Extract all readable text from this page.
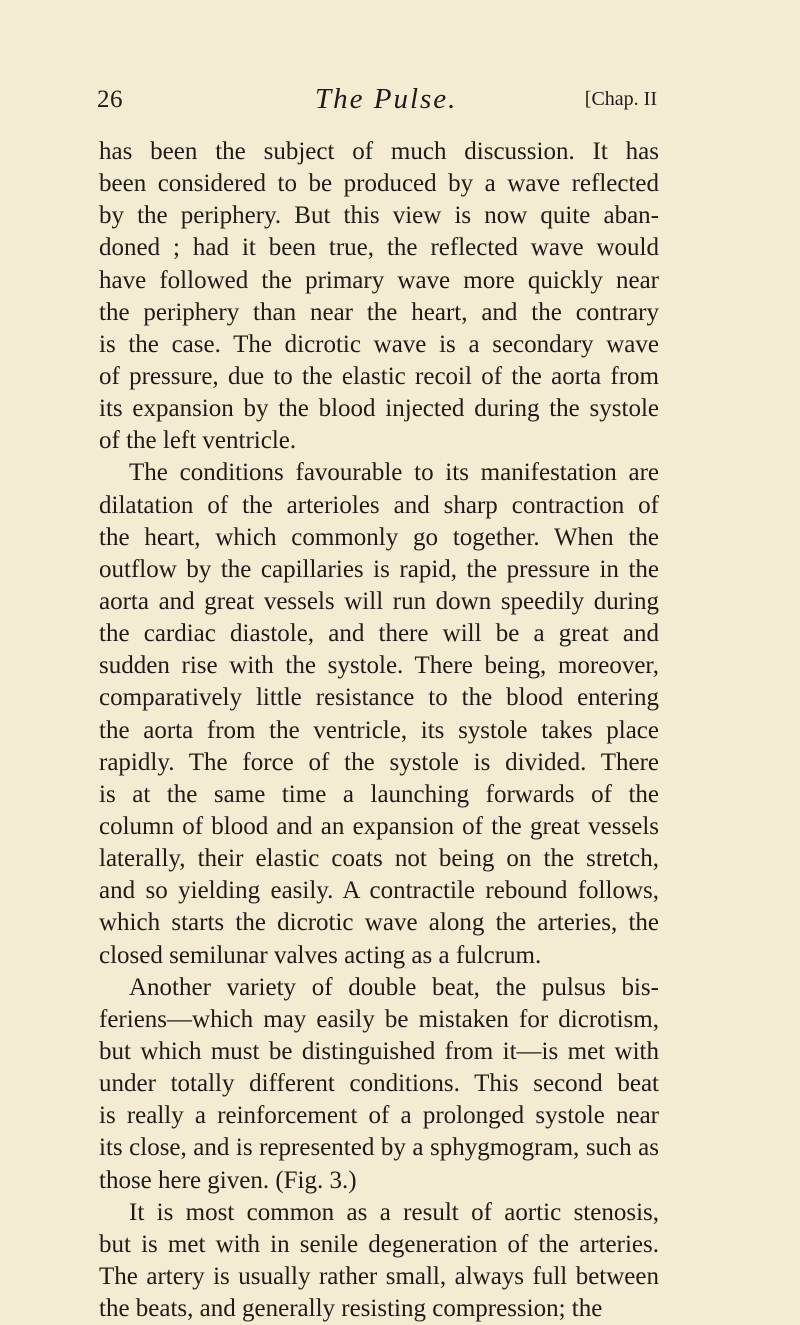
26	The Pulse.	[Chap. II
has been the subject of much discussion. It has
been considered to be produced by a wave reflected
by the periphery. But this view is now quite aban-
doned ; had it been true, the reflected wave would
have followed the primary wave more quickly near
the periphery than near the heart, and the contrary
is the case. The dicrotic wave is a secondary wave
of pressure, due to the elastic recoil of the aorta from
its expansion by the blood injected during the systole
of the left ventricle.
The conditions favourable to its manifestation are
dilatation of the arterioles and sharp contraction of
the heart, which commonly go together. When the
outflow by the capillaries is rapid, the pressure in the
aorta and great vessels will run down speedily during
the cardiac diastole, and there will be a great and
sudden rise with the systole. There being, moreover,
comparatively little resistance to the blood entering
the aorta from the ventricle, its systole takes place
rapidly. The force of the systole is divided. There
is at the same time a launching forwards of the
column of blood and an expansion of the great vessels
laterally, their elastic coats not being on the stretch,
and so yielding easily. A contractile rebound follows,
which starts the dicrotic wave along the arteries, the
closed semilunar valves acting as a fulcrum.
Another variety of double beat, the pulsus bis-
feriens—which may easily be mistaken for dicrotism,
but which must be distinguished from it—is met with
under totally different conditions. This second beat
is really a reinforcement of a prolonged systole near
its close, and is represented by a sphygmogram, such as
those here given. (Fig. 3.)
It is most common as a result of aortic stenosis,
but is met with in senile degeneration of the arteries.
The artery is usually rather small, always full between
the beats, and generally resisting compression; the
